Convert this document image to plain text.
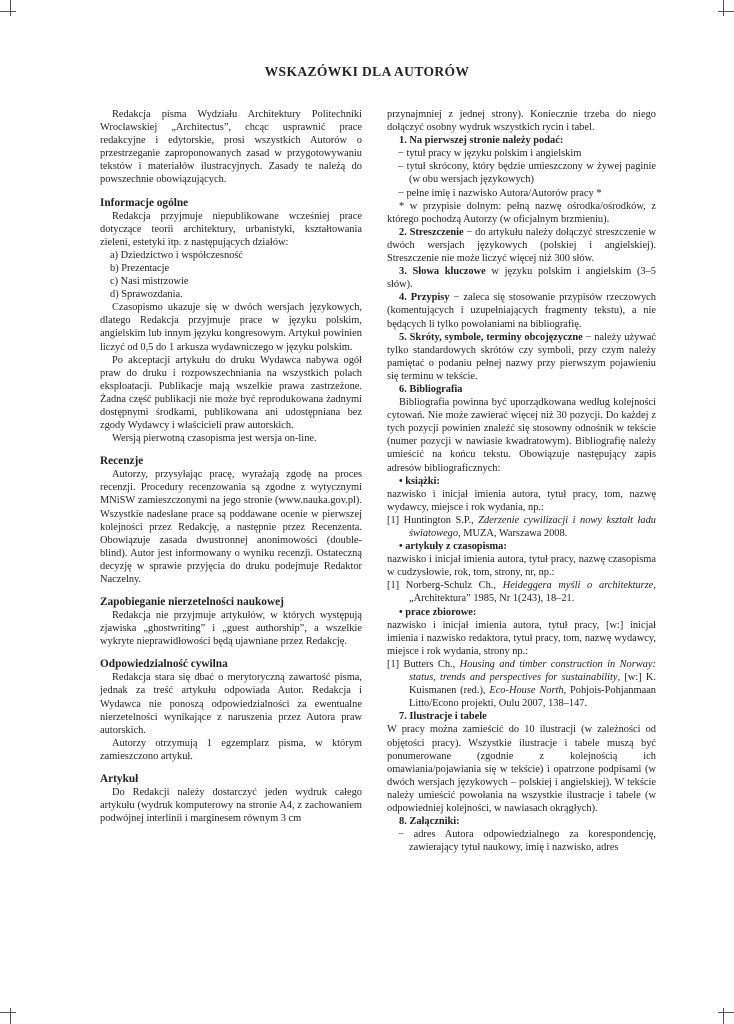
WSKAZÓWKI DLA AUTORÓW

Redakcja pisma Wydziału Architektury Politechniki Wrocławskiej „Architectus”, chcąc usprawnić prace redakcyjne i edytorskie, prosi wszystkich Autorów o przestrzeganie zaproponowanych zasad w przygotowywaniu tekstów i materiałów ilustracyjnych. Zasady te należą do powszechnie obowiązujących.

Informacje ogólne

Redakcja przyjmuje niepublikowane wcześniej prace dotyczące teorii architektury, urbanistyki, kształtowania zieleni, estetyki itp. z następujących działów:

a) Dziedzictwo i współczesność

b) Prezentacje

c) Nasi mistrzowie

d) Sprawozdania.

Czasopismo ukazuje się w dwóch wersjach językowych, dlatego Redakcja przyjmuje prace w języku polskim, angielskim lub innym języku kongresowym. Artykuł powinien liczyć od 0,5 do 1 arkusza wydawniczego w języku polskim.

Po akceptacji artykułu do druku Wydawca nabywa ogół praw do druku i rozpowszechniania na wszystkich polach eksploatacji. Publikacje mają wszelkie prawa zastrzeżone. Żadna część publikacji nie może być reprodukowana żadnymi dostępnymi środkami, publikowana ani udostępniana bez zgody Wydawcy i właścicieli praw autorskich.

Wersją pierwotną czasopisma jest wersja on-line.

Recenzje

Autorzy, przysyłając pracę, wyrażają zgodę na proces recenzji. Procedury recenzowania są zgodne z wytycznymi MNiSW zamieszczonymi na jego stronie (www.nauka.gov.pl). Wszystkie nadesłane prace są poddawane ocenie w pierwszej kolejności przez Redakcję, a następnie przez Recenzenta. Obowiązuje zasada dwustronnej anonimowości (double-blind). Autor jest informowany o wyniku recenzji. Ostateczną decyzję w sprawie przyjęcia do druku podejmuje Redaktor Naczelny.

Zapobieganie nierzetelności naukowej

Redakcja nie przyjmuje artykułów, w których występują zjawiska „ghostwriting” i „guest authorship”, a wszelkie wykryte nieprawidłowości będą ujawniane przez Redakcję.

Odpowiedzialność cywilna

Redakcja stara się dbać o merytoryczną zawartość pisma, jednak za treść artykułu odpowiada Autor. Redakcja i Wydawca nie ponoszą odpowiedzialności za ewentualne nierzetelności wynikające z naruszenia przez Autora praw autorskich.

Autorzy otrzymują 1 egzemplarz pisma, w którym zamieszczono artykuł.

Artykuł

Do Redakcji należy dostarczyć jeden wydruk całego artykułu (wydruk komputerowy na stronie A4, z zachowaniem podwójnej interlinii i marginesem równym 3 cm

przynajmniej z jednej strony). Koniecznie trzeba do niego dołączyć osobny wydruk wszystkich rycin i tabel.

1. Na pierwszej stronie należy podać:

− tytuł pracy w języku polskim i angielskim

– tytuł skrócony, który będzie umieszczony w żywej paginie (w obu wersjach językowych)

− pełne imię i nazwisko Autora/Autorów pracy *

* w przypisie dolnym: pełną nazwę ośrodka/ośrodków, z którego pochodzą Autorzy (w oficjalnym brzmieniu).

2. Streszczenie − do artykułu należy dołączyć streszczenie w dwóch wersjach językowych (polskiej i angielskiej). Streszczenie nie może liczyć więcej niż 300 słów.

3. Słowa kluczowe w języku polskim i angielskim (3–5 słów).

4. Przypisy − zaleca się stosowanie przypisów rzeczowych (komentujących i uzupełniających fragmenty tekstu), a nie będących li tylko powołaniami na bibliografię.

5. Skróty, symbole, terminy obcojęzyczne − należy używać tylko standardowych skrótów czy symboli, przy czym należy pamiętać o podaniu pełnej nazwy przy pierwszym pojawieniu się terminu w tekście.

6. Bibliografia

Bibliografia powinna być uporządkowana według kolejności cytowań. Nie może zawierać więcej niż 30 pozycji. Do każdej z tych pozycji powinien znaleźć się stosowny odnośnik w tekście (numer pozycji w nawiasie kwadratowym). Bibliografię należy umieścić na końcu tekstu. Obowiązuje następujący zapis adresów bibliograficznych:

• książki:

nazwisko i inicjał imienia autora, tytuł pracy, tom, nazwę wydawcy, miejsce i rok wydania, np.:

[1] Huntington S.P., Zderzenie cywilizacji i nowy kształt ładu światowego, MUZA, Warszawa 2008.

• artykuły z czasopisma:

nazwisko i inicjał imienia autora, tytuł pracy, nazwę czasopisma w cudzysłowie, rok, tom, strony, nr, np.:

[1] Norberg-Schulz Ch., Heideggera myśli o architekturze, „Architektura” 1985, Nr 1(243), 18–21.

• prace zbiorowe:

nazwisko i inicjał imienia autora, tytuł pracy, [w:] inicjał imienia i nazwisko redaktora, tytuł pracy, tom, nazwę wydawcy, miejsce i rok wydania, strony np.:

[1] Butters Ch., Housing and timber construction in Norway: status, trends and perspectives for sustainability, [w:] K. Kuismanen (red.), Eco-House North, Pohjois-Pohjanmaan Litto/Econo projekti, Oulu 2007, 138–147.

7. Ilustracje i tabele

W pracy można zamieścić do 10 ilustracji (w zależności od objętości pracy). Wszystkie ilustracje i tabele muszą być ponumerowane (zgodnie z kolejnością ich omawiania/pojawiania się w tekście) i opatrzone podpisami (w dwóch wersjach językowych – polskiej i angielskiej). W tekście należy umieścić powołania na wszystkie ilustracje i tabele (w odpowiedniej kolejności, w nawiasach okrągłych).

8. Załączniki:

− adres Autora odpowiedzialnego za korespondencję, zawierający tytuł naukowy, imię i nazwisko, adres
